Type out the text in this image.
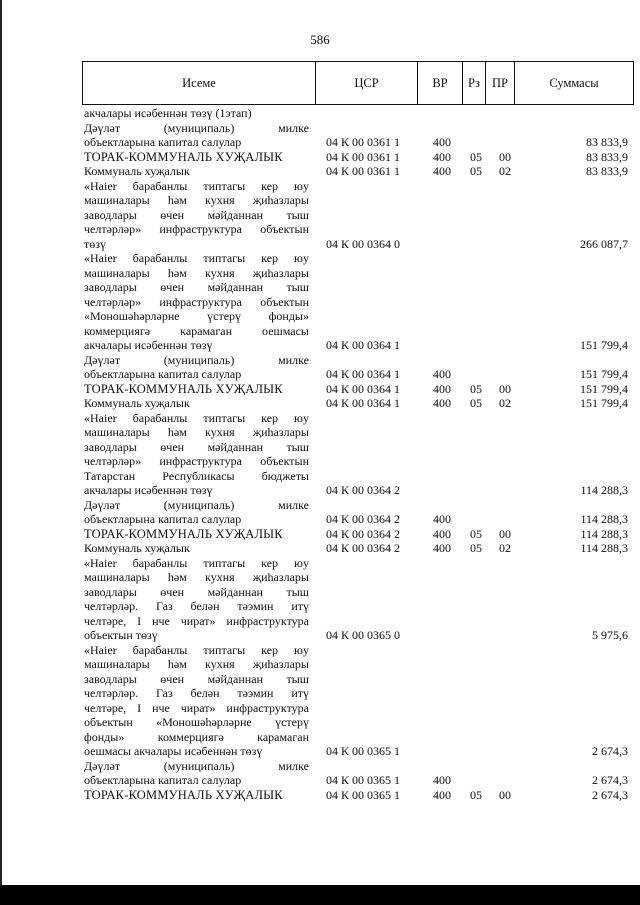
586
Исеме	ЦСР	ВР	Рз ПР	Суммасы
акчалары исәбеннән төзү (1этап)
Дәүләт (муниципаль) милке
объектларына капитал салулар	04 К 00 0361 1	400	83 833,9
ТОРАК-КОММУНАЛЬ ХУҖАЛЫК	04 К 00 0361 1	400 05 00	83 833,9
Коммуналь хуҗалык	04 К 00 0361 1	400 05 02	83 833,9
«Haier барабанлы типтагы кер юу
машиналары һәм кухня җиһазлары
заводлары өчен мәйданнан тыш
челтәрләр» инфраструктура объектын
төзү	04 К 00 0364 0	266 087,7
«Haier барабанлы типтагы кер юу
машиналары һәм кухня җиһазлары
заводлары өчен мәйданнан тыш
челтәрләр» инфраструктура объектын
«Моношәһәрләрне үстерү фонды»
коммерциягә карамаган оешмасы
акчалары исәбеннән төзү	04 К 00 0364 1	151 799,4
Дәүләт (муниципаль) милке
объектларына капитал салулар	04 К 00 0364 1	400	151 799,4
ТОРАК-КОММУНАЛЬ ХУҖАЛЫК	04 К 00 0364 1	400 05 00	151 799,4
Коммуналь хуҗалык	04 К 00 0364 1	400 05 02	151 799,4
«Haier барабанлы типтагы кер юу
машиналары һәм кухня җиһазлары
заводлары өчен мәйданнан тыш
челтәрләр» инфраструктура объектын
Татарстан Республикасы бюджеты
акчалары исәбеннән төзү	04 К 00 0364 2	114 288,3
Дәүләт (муниципаль) милке
объектларына капитал салулар	04 К 00 0364 2	400	114 288,3
ТОРАК-КОММУНАЛЬ ХУҖАЛЫК	04 К 00 0364 2	400 05 00	114 288,3
Коммуналь хуҗалык	04 К 00 0364 2	400 05 02	114 288,3
«Haier барабанлы типтагы кер юу
машиналары һәм кухня җиһазлары
заводлары өчен мәйданнан тыш
челтәрләр. Газ белән тәэмин итү
челтәре, I нче чират» инфраструктура
объектын төзү	04 К 00 0365 0	5 975,6
«Haier барабанлы типтагы кер юу
машиналары һәм кухня җиһазлары
заводлары өчен мәйданнан тыш
челтәрләр. Газ белән тәэмин итү
челтәре, I нче чират» инфраструктура
объектын «Моношәһәрләрне үстерү
фонды» коммерциягә карамаган
оешмасы акчалары исәбеннән төзү	04 К 00 0365 1	2 674,3
Дәүләт (муниципаль) милке
объектларына капитал салулар	04 К 00 0365 1	400	2 674,3
ТОРАК-КОММУНАЛЬ ХУҖАЛЫК	04 К 00 0365 1	400 05 00	2 674,3
